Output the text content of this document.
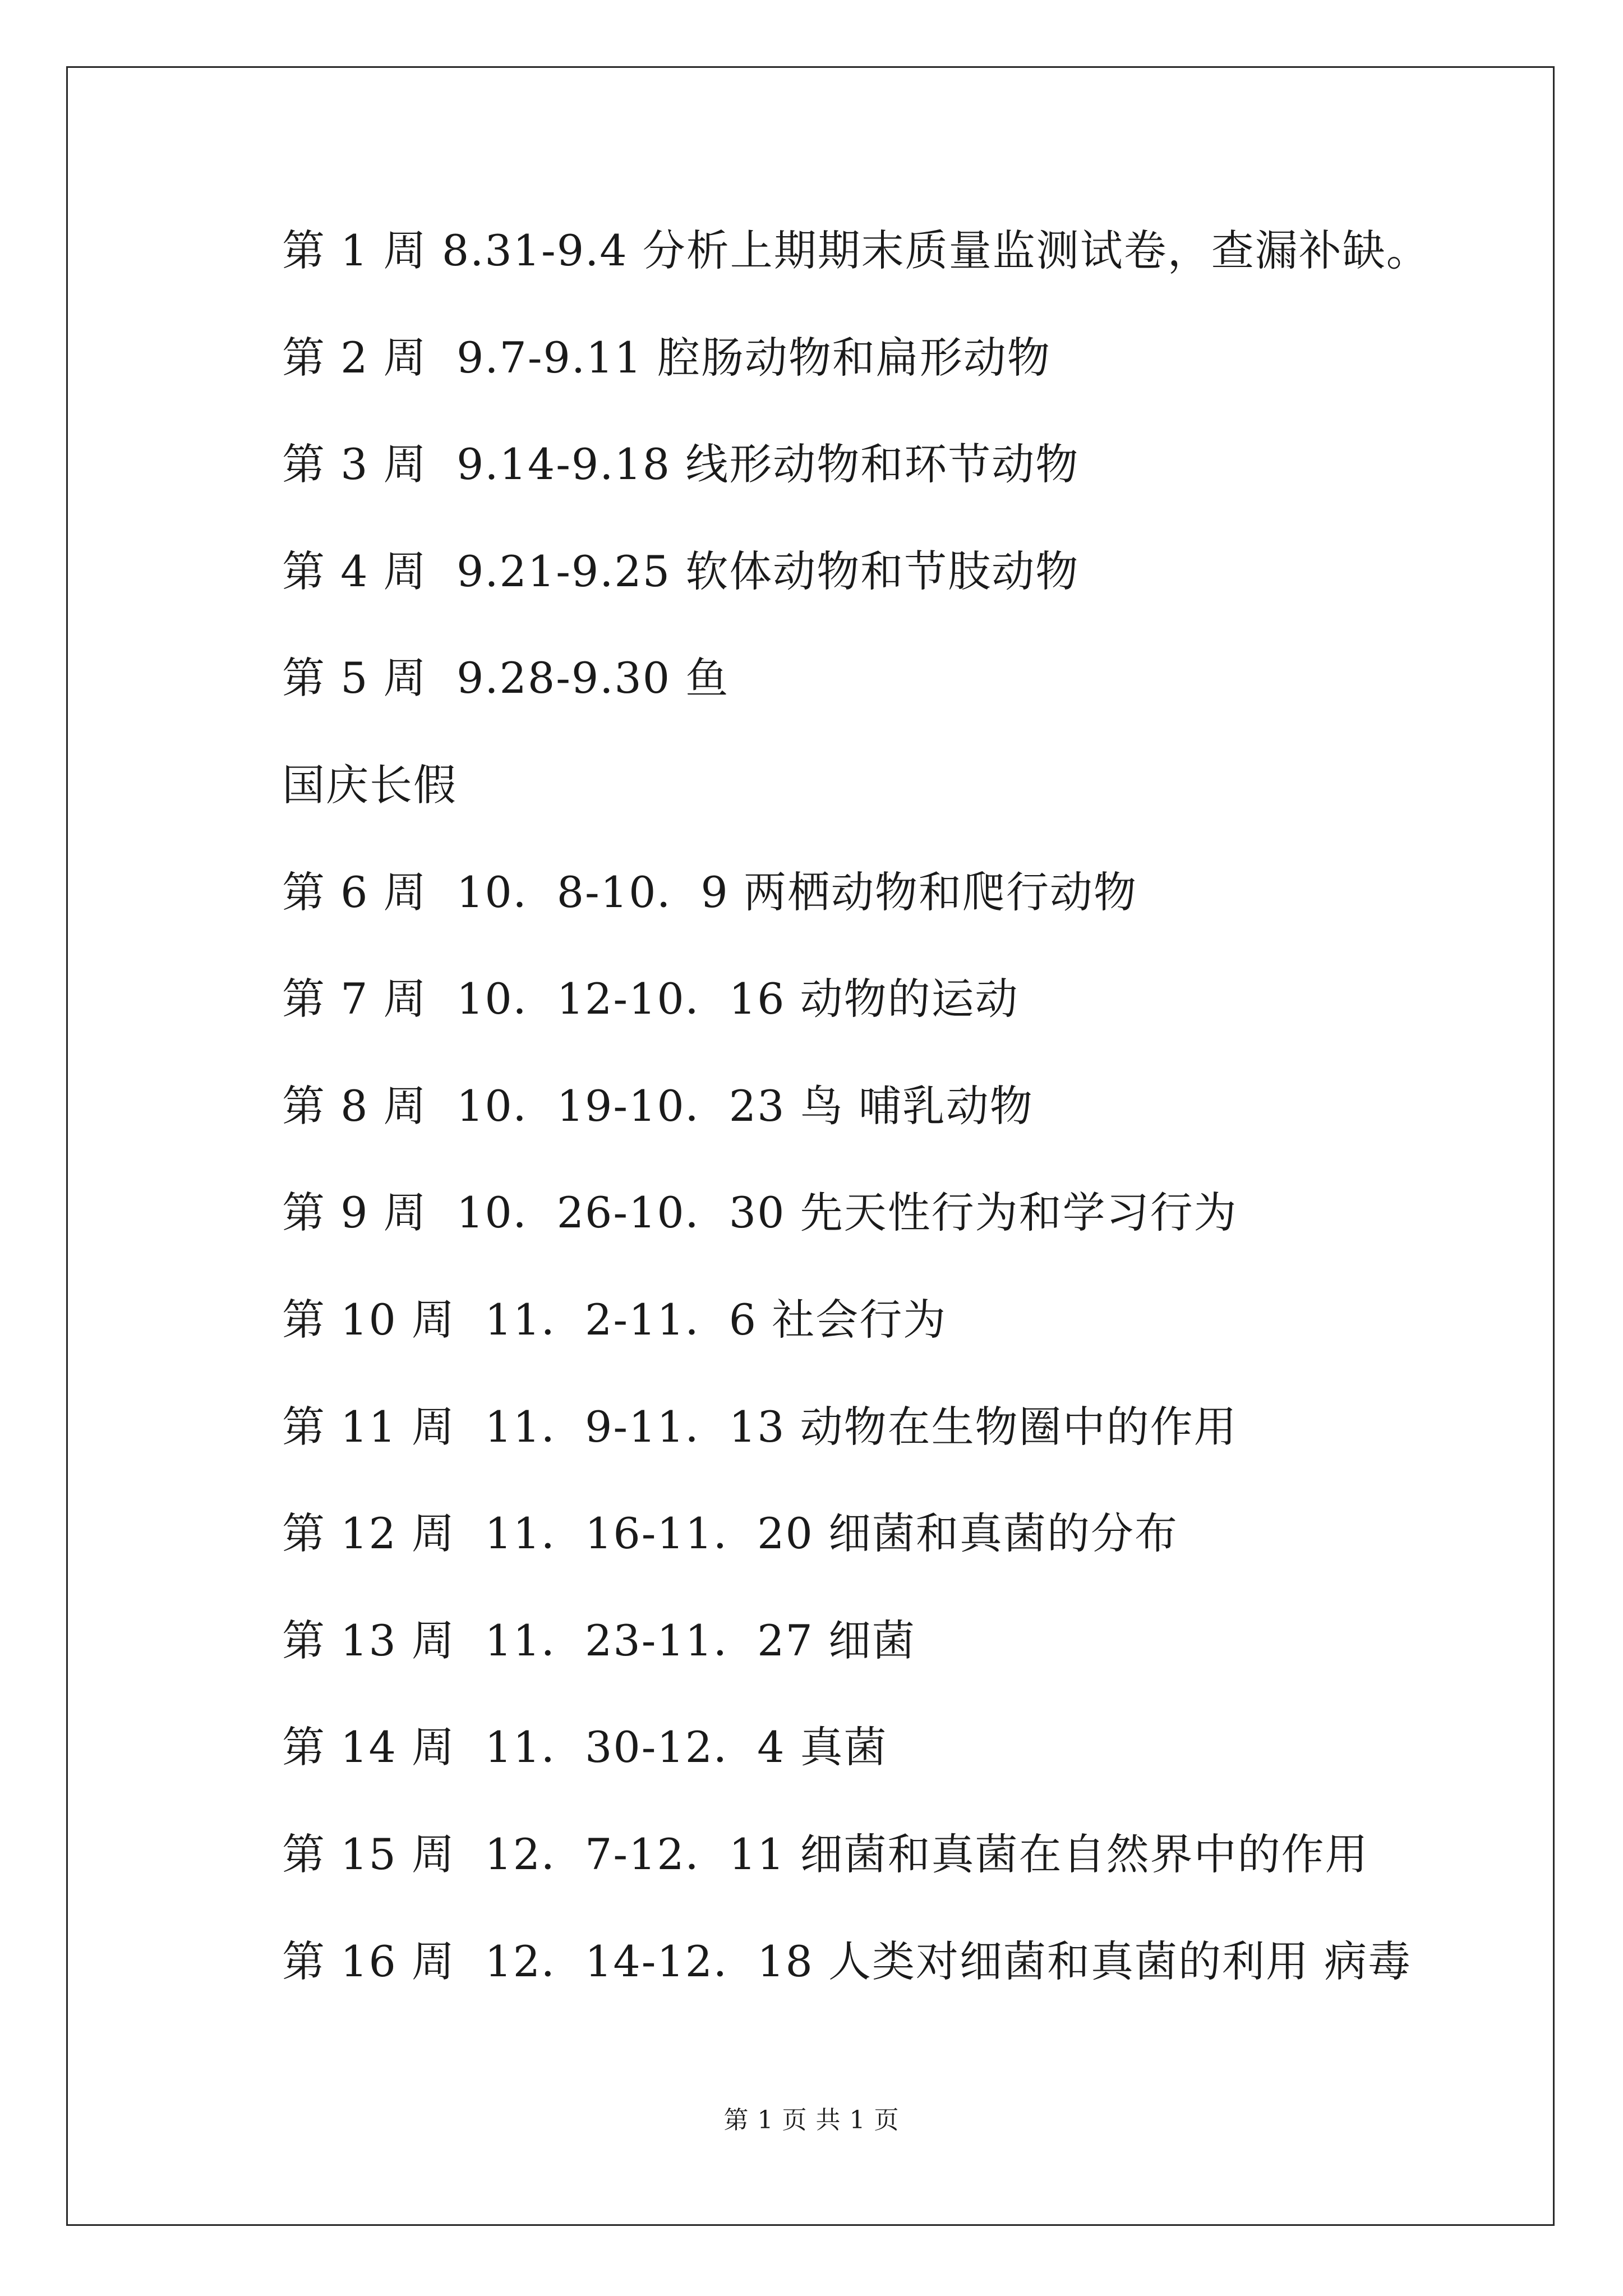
第 1 周 8.31-9.4 分析上期期末质量监测试卷，查漏补缺。
第 2 周  9.7-9.11 腔肠动物和扁形动物
第 3 周  9.14-9.18 线形动物和环节动物
第 4 周  9.21-9.25 软体动物和节肢动物
第 5 周  9.28-9.30 鱼
国庆长假
第 6 周  10．8-10．9 两栖动物和爬行动物
第 7 周  10．12-10．16 动物的运动
第 8 周  10．19-10．23 鸟 哺乳动物
第 9 周  10．26-10．30 先天性行为和学习行为
第 10 周  11．2-11．6 社会行为
第 11 周  11．9-11．13 动物在生物圈中的作用
第 12 周  11．16-11．20 细菌和真菌的分布
第 13 周  11．23-11．27 细菌
第 14 周  11．30-12．4 真菌
第 15 周  12．7-12．11 细菌和真菌在自然界中的作用
第 16 周  12．14-12．18 人类对细菌和真菌的利用 病毒
第 1 页 共 1 页
